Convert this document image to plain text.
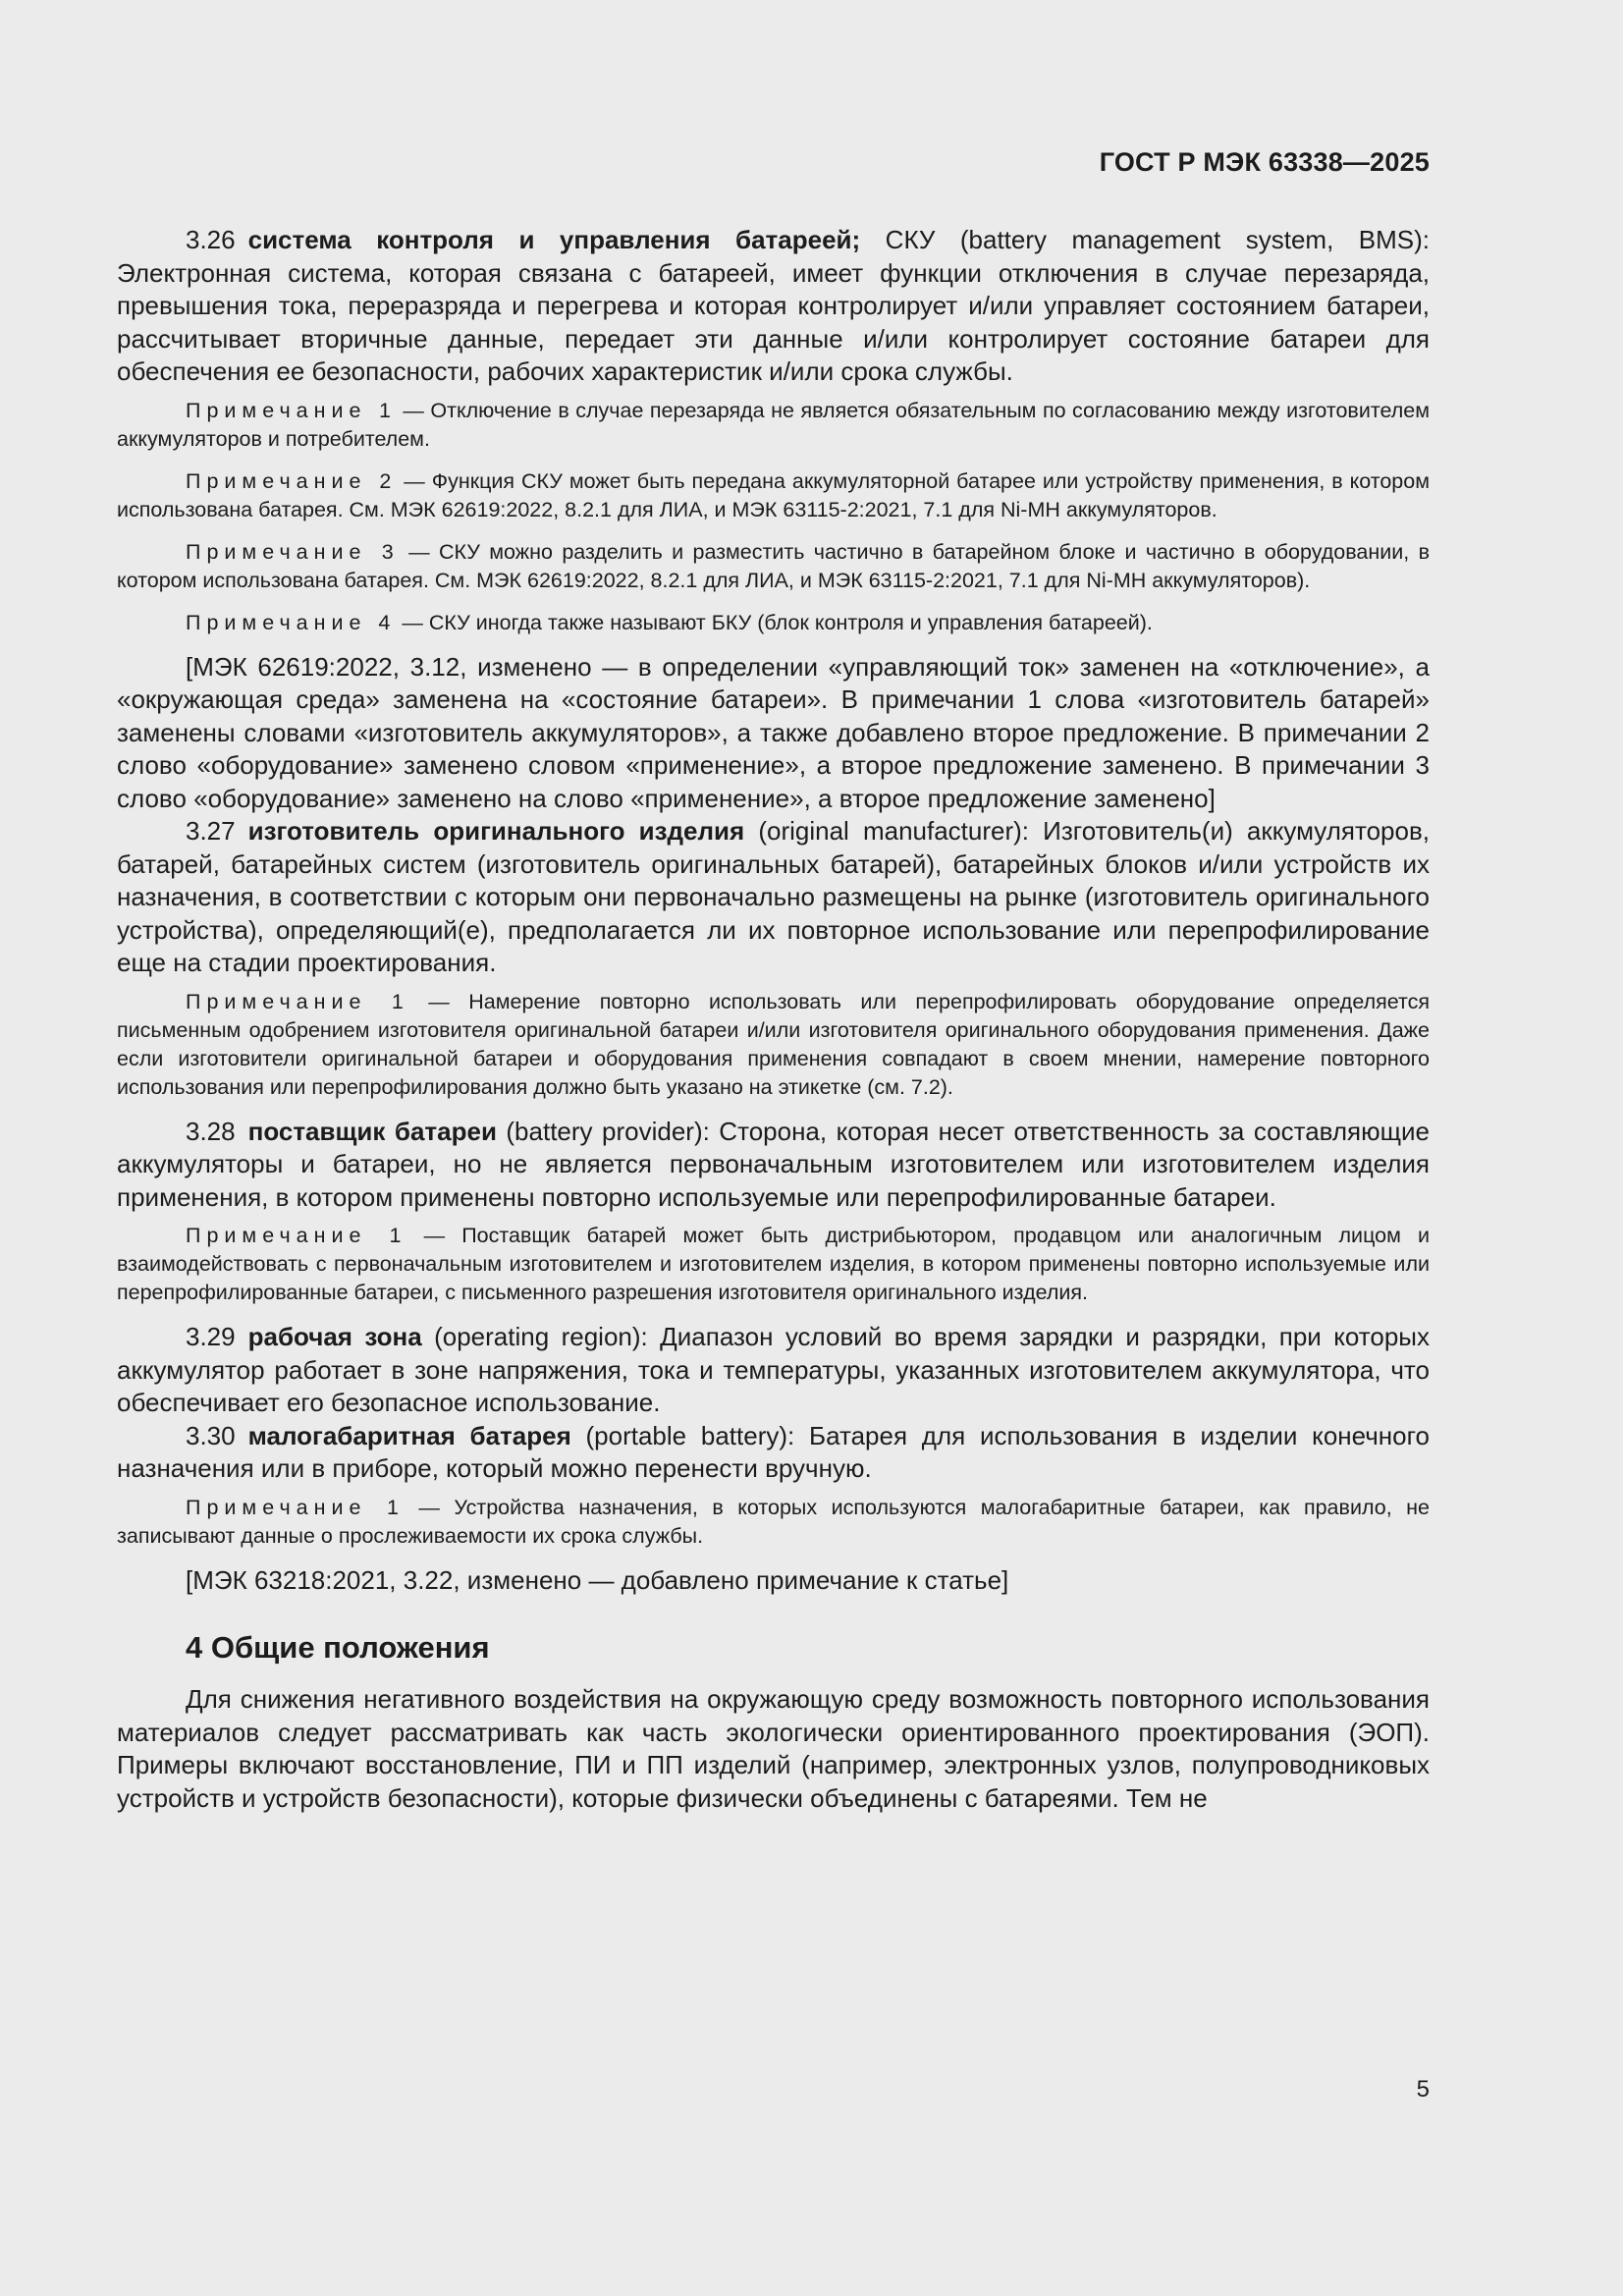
ГОСТ Р МЭК 63338—2025

3.26  система контроля и управления батареей; СКУ (battery management system, BMS): Электронная система, которая связана с батареей, имеет функции отключения в случае перезаряда, превышения тока, переразряда и перегрева и которая контролирует и/или управляет состоянием батареи, рассчитывает вторичные данные, передает эти данные и/или контролирует состояние батареи для обеспечения ее безопасности, рабочих характеристик и/или срока службы.

Примечание 1 — Отключение в случае перезаряда не является обязательным по согласованию между изготовителем аккумуляторов и потребителем.

Примечание 2 — Функция СКУ может быть передана аккумуляторной батарее или устройству применения, в котором использована батарея. См. МЭК 62619:2022, 8.2.1 для ЛИА, и МЭК 63115-2:2021, 7.1 для Ni-MH аккумуляторов.

Примечание 3 — СКУ можно разделить и разместить частично в батарейном блоке и частично в оборудовании, в котором использована батарея. См. МЭК 62619:2022, 8.2.1 для ЛИА, и МЭК 63115-2:2021, 7.1 для Ni-MH аккумуляторов).

Примечание 4 — СКУ иногда также называют БКУ (блок контроля и управления батареей).

[МЭК 62619:2022, 3.12, изменено — в определении «управляющий ток» заменен на «отключение», а «окружающая среда» заменена на «состояние батареи». В примечании 1 слова «изготовитель батарей» заменены словами «изготовитель аккумуляторов», а также добавлено второе предложение. В примечании 2 слово «оборудование» заменено словом «применение», а второе предложение заменено. В примечании 3 слово «оборудование» заменено на слово «применение», а второе предложение заменено]

3.27  изготовитель оригинального изделия (original manufacturer): Изготовитель(и) аккумуляторов, батарей, батарейных систем (изготовитель оригинальных батарей), батарейных блоков и/или устройств их назначения, в соответствии с которым они первоначально размещены на рынке (изготовитель оригинального устройства), определяющий(е), предполагается ли их повторное использование или перепрофилирование еще на стадии проектирования.

Примечание 1 — Намерение повторно использовать или перепрофилировать оборудование определяется письменным одобрением изготовителя оригинальной батареи и/или изготовителя оригинального оборудования применения. Даже если изготовители оригинальной батареи и оборудования применения совпадают в своем мнении, намерение повторного использования или перепрофилирования должно быть указано на этикетке (см. 7.2).

3.28  поставщик батареи (battery provider): Сторона, которая несет ответственность за составляющие аккумуляторы и батареи, но не является первоначальным изготовителем или изготовителем изделия применения, в котором применены повторно используемые или перепрофилированные батареи.

Примечание 1 — Поставщик батарей может быть дистрибьютором, продавцом или аналогичным лицом и взаимодействовать с первоначальным изготовителем и изготовителем изделия, в котором применены повторно используемые или перепрофилированные батареи, с письменного разрешения изготовителя оригинального изделия.

3.29  рабочая зона (operating region): Диапазон условий во время зарядки и разрядки, при которых аккумулятор работает в зоне напряжения, тока и температуры, указанных изготовителем аккумулятора, что обеспечивает его безопасное использование.

3.30  малогабаритная батарея (portable battery): Батарея для использования в изделии конечного назначения или в приборе, который можно перенести вручную.

Примечание 1 — Устройства назначения, в которых используются малогабаритные батареи, как правило, не записывают данные о прослеживаемости их срока службы.

[МЭК 63218:2021, 3.22, изменено — добавлено примечание к статье]

4 Общие положения

Для снижения негативного воздействия на окружающую среду возможность повторного использования материалов следует рассматривать как часть экологически ориентированного проектирования (ЭОП). Примеры включают восстановление, ПИ и ПП изделий (например, электронных узлов, полупроводниковых устройств и устройств безопасности), которые физически объединены с батареями. Тем не

5
